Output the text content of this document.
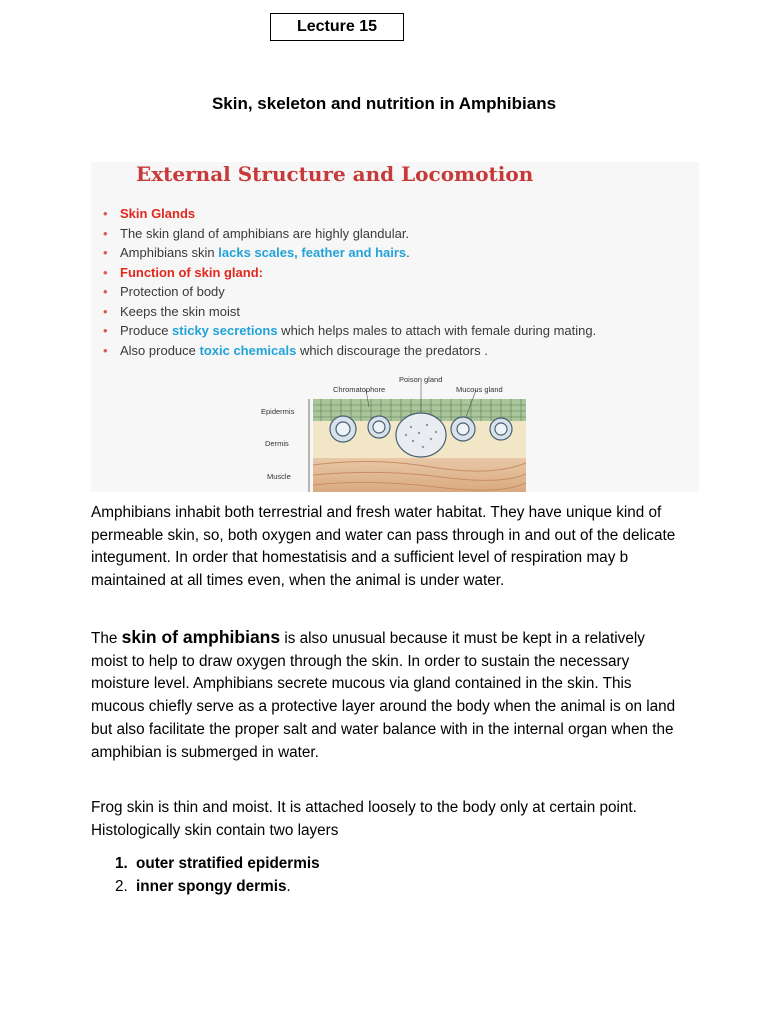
Lecture 15
Skin, skeleton and nutrition in Amphibians
External Structure and Locomotion
• Skin Glands
• The skin gland of amphibians are highly glandular.
• Amphibians skin lacks scales, feather and hairs.
• Function of skin gland:
• Protection of body
• Keeps the skin moist
• Produce sticky secretions which helps males to attach with female during mating.
• Also produce toxic chemicals which discourage the predators .
Poison gland
Chromatophore	Mucous gland
Epidermis
Dermis
Muscle

Amphibians inhabit both terrestrial and fresh water habitat. They have unique kind of permeable skin, so, both oxygen and water can pass through in and out of the delicate integument. In order that homestatisis and a sufficient level of respiration may b maintained at all times even, when the animal is under water.

The skin of amphibians is also unusual because it must be kept in a relatively moist to help to draw oxygen through the skin. In order to sustain the necessary moisture level. Amphibians secrete mucous via gland contained in the skin. This mucous chiefly serve as a protective layer around the body when the animal is on land but also facilitate the proper salt and water balance with in the internal organ when the amphibian is submerged in water.

Frog skin is thin and moist. It is attached loosely to the body only at certain point. Histologically skin contain two layers

1. outer stratified epidermis
2. inner spongy dermis.
